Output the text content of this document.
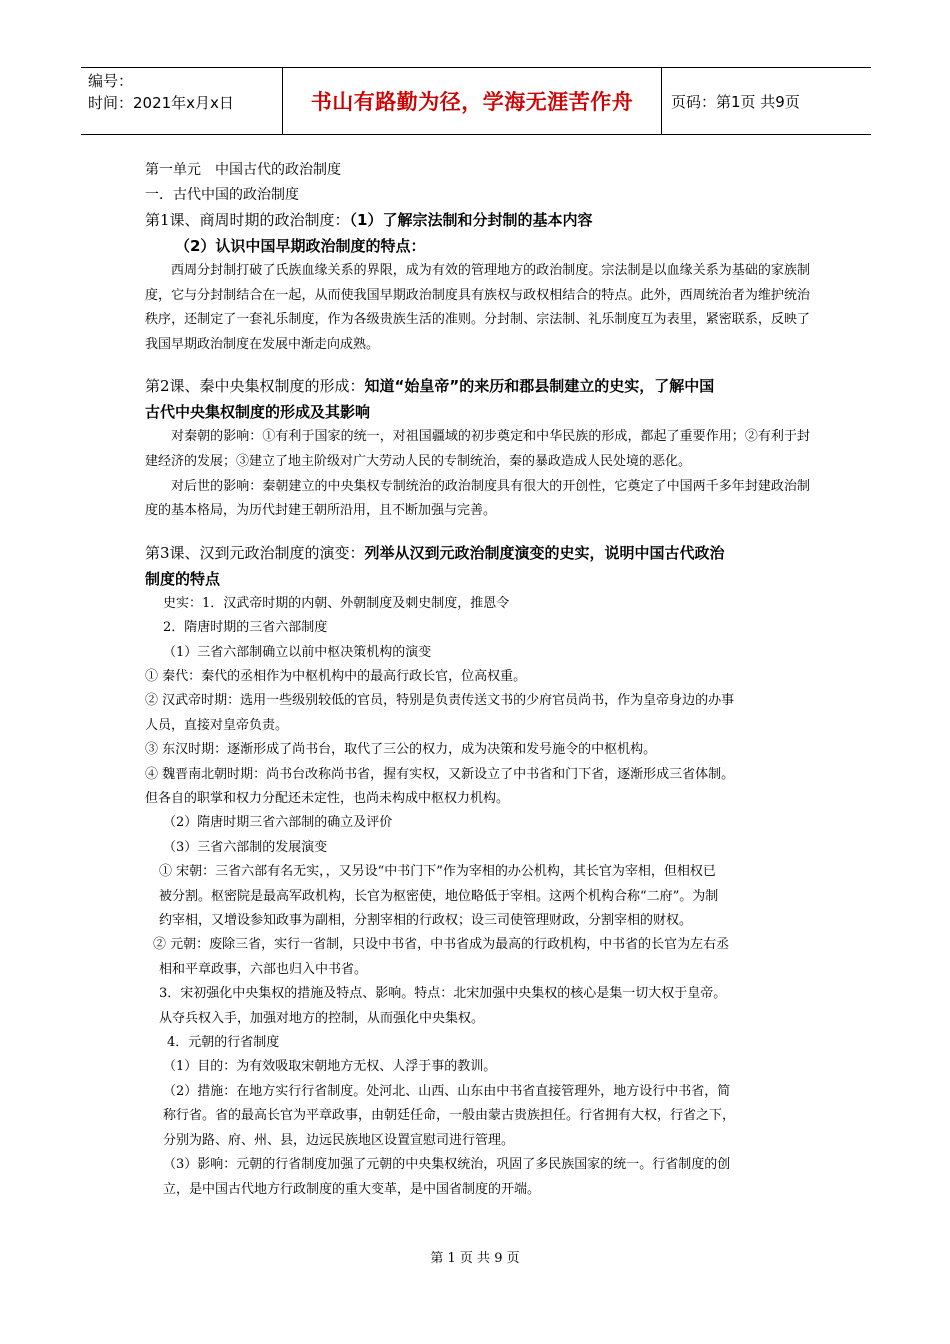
编号：
时间：2021年x月x日	书山有路勤为径，学海无涯苦作舟	页码：第1页 共9页
第一单元　中国古代的政治制度
一．古代中国的政治制度
第1课、商周时期的政治制度：（1）了解宗法制和分封制的基本内容
（2）认识中国早期政治制度的特点：
西周分封制打破了氏族血缘关系的界限，成为有效的管理地方的政治制度。宗法制是以血缘关系为基础的家族制度，它与分封制结合在一起，从而使我国早期政治制度具有族权与政权相结合的特点。此外，西周统治者为维护统治秩序，还制定了一套礼乐制度，作为各级贵族生活的准则。分封制、宗法制、礼乐制度互为表里，紧密联系，反映了我国早期政治制度在发展中渐走向成熟。
第2课、秦中央集权制度的形成：知道“始皇帝”的来历和郡县制建立的史实，了解中国
古代中央集权制度的形成及其影响
对秦朝的影响：①有利于国家的统一，对祖国疆域的初步奠定和中华民族的形成，都起了重要作用；②有利于封建经济的发展；③建立了地主阶级对广大劳动人民的专制统治，秦的暴政造成人民处境的恶化。
对后世的影响：秦朝建立的中央集权专制统治的政治制度具有很大的开创性，它奠定了中国两千多年封建政治制度的基本格局，为历代封建王朝所沿用，且不断加强与完善。
第3课、汉到元政治制度的演变：列举从汉到元政治制度演变的史实，说明中国古代政治
制度的特点
史实：1．汉武帝时期的内朝、外朝制度及刺史制度，推恩令
2．隋唐时期的三省六部制度
（1）三省六部制确立以前中枢决策机构的演变
① 秦代：秦代的丞相作为中枢机构中的最高行政长官，位高权重。
② 汉武帝时期：选用一些级别较低的官员，特别是负责传送文书的少府官员尚书，作为皇帝身边的办事
人员，直接对皇帝负责。
③ 东汉时期：逐渐形成了尚书台，取代了三公的权力，成为决策和发号施令的中枢机构。
④ 魏晋南北朝时期：尚书台改称尚书省，握有实权，又新设立了中书省和门下省，逐渐形成三省体制。
但各自的职掌和权力分配还未定性，也尚未构成中枢权力机构。
（2）隋唐时期三省六部制的确立及评价
（3）三省六部制的发展演变
① 宋朝：三省六部有名无实，，又另设“中书门下”作为宰相的办公机构，其长官为宰相，但相权已
被分割。枢密院是最高军政机构，长官为枢密使，地位略低于宰相。这两个机构合称“二府”。为制
约宰相，又增设参知政事为副相，分割宰相的行政权；设三司使管理财政，分割宰相的财权。
② 元朝：废除三省，实行一省制，只设中书省，中书省成为最高的行政机构，中书省的长官为左右丞
相和平章政事，六部也归入中书省。
3．宋初强化中央集权的措施及特点、影响。特点：北宋加强中央集权的核心是集一切大权于皇帝。
从夺兵权入手，加强对地方的控制，从而强化中央集权。
4．元朝的行省制度
（1）目的：为有效吸取宋朝地方无权、人浮于事的教训。
（2）措施：在地方实行行省制度。处河北、山西、山东由中书省直接管理外，地方设行中书省，简
称行省。省的最高长官为平章政事，由朝廷任命，一般由蒙古贵族担任。行省拥有大权，行省之下，
分别为路、府、州、县，边远民族地区设置宣慰司进行管理。
（3）影响：元朝的行省制度加强了元朝的中央集权统治，巩固了多民族国家的统一。行省制度的创
立，是中国古代地方行政制度的重大变革，是中国省制度的开端。
第 1 页 共 9 页
